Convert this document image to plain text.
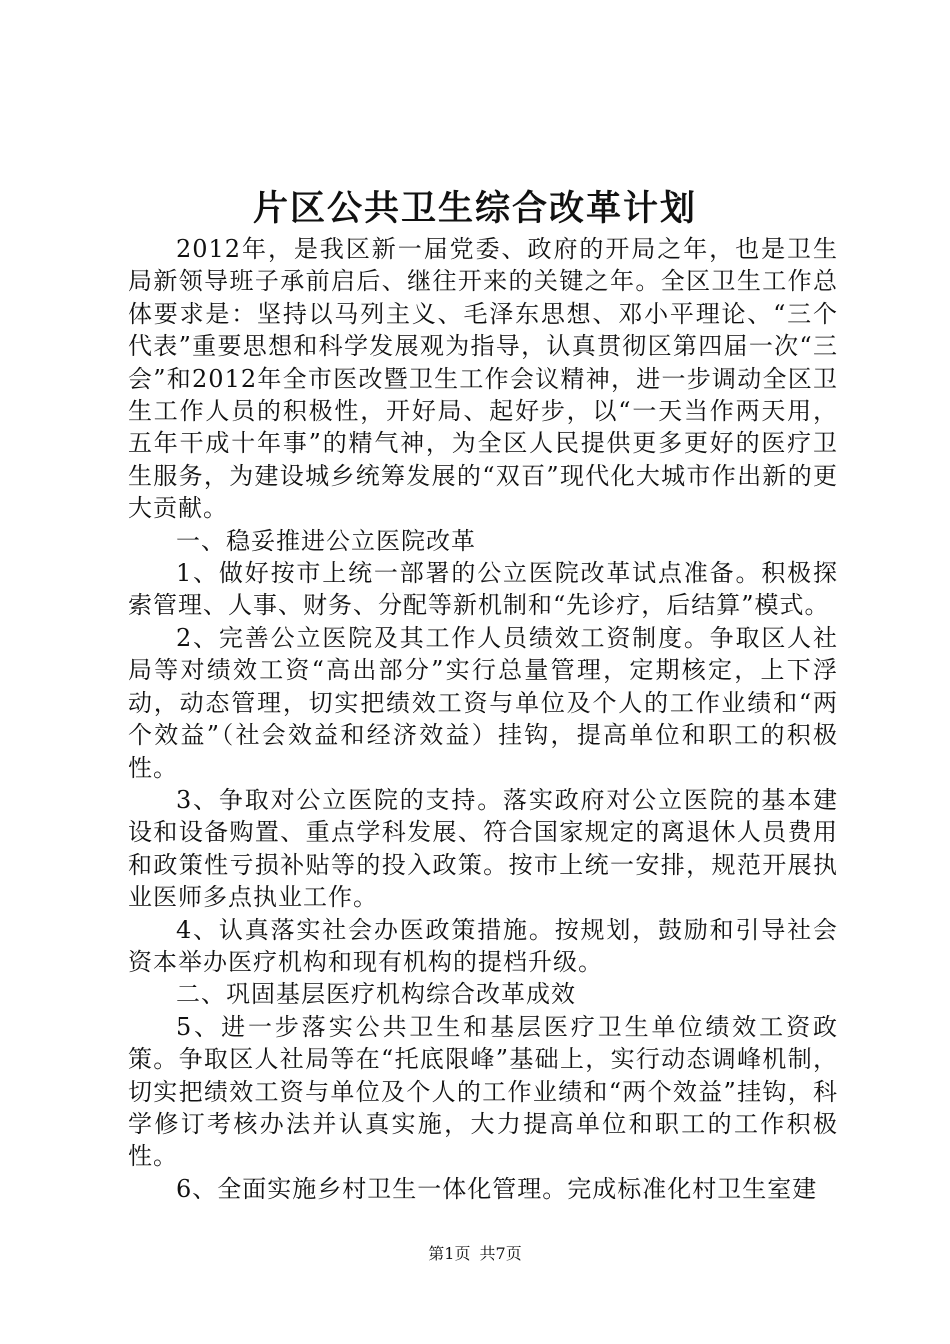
片区公共卫生综合改革计划

2012年，是我区新一届党委、政府的开局之年，也是卫生局新领导班子承前启后、继往开来的关键之年。全区卫生工作总体要求是：坚持以马列主义、毛泽东思想、邓小平理论、“三个代表”重要思想和科学发展观为指导，认真贯彻区第四届一次“三会”和2012年全市医改暨卫生工作会议精神，进一步调动全区卫生工作人员的积极性，开好局、起好步，以“一天当作两天用，五年干成十年事”的精气神，为全区人民提供更多更好的医疗卫生服务，为建设城乡统筹发展的“双百”现代化大城市作出新的更大贡献。

一、稳妥推进公立医院改革

1、做好按市上统一部署的公立医院改革试点准备。积极探索管理、人事、财务、分配等新机制和“先诊疗，后结算”模式。

2、完善公立医院及其工作人员绩效工资制度。争取区人社局等对绩效工资“高出部分”实行总量管理，定期核定，上下浮动，动态管理，切实把绩效工资与单位及个人的工作业绩和“两个效益”（社会效益和经济效益）挂钩，提高单位和职工的积极性。

3、争取对公立医院的支持。落实政府对公立医院的基本建设和设备购置、重点学科发展、符合国家规定的离退休人员费用和政策性亏损补贴等的投入政策。按市上统一安排，规范开展执业医师多点执业工作。

4、认真落实社会办医政策措施。按规划，鼓励和引导社会资本举办医疗机构和现有机构的提档升级。

二、巩固基层医疗机构综合改革成效

5、进一步落实公共卫生和基层医疗卫生单位绩效工资政策。争取区人社局等在“托底限峰”基础上，实行动态调峰机制，切实把绩效工资与单位及个人的工作业绩和“两个效益”挂钩，科学修订考核办法并认真实施，大力提高单位和职工的工作积极性。

6、全面实施乡村卫生一体化管理。完成标准化村卫生室建

第1页 共7页
